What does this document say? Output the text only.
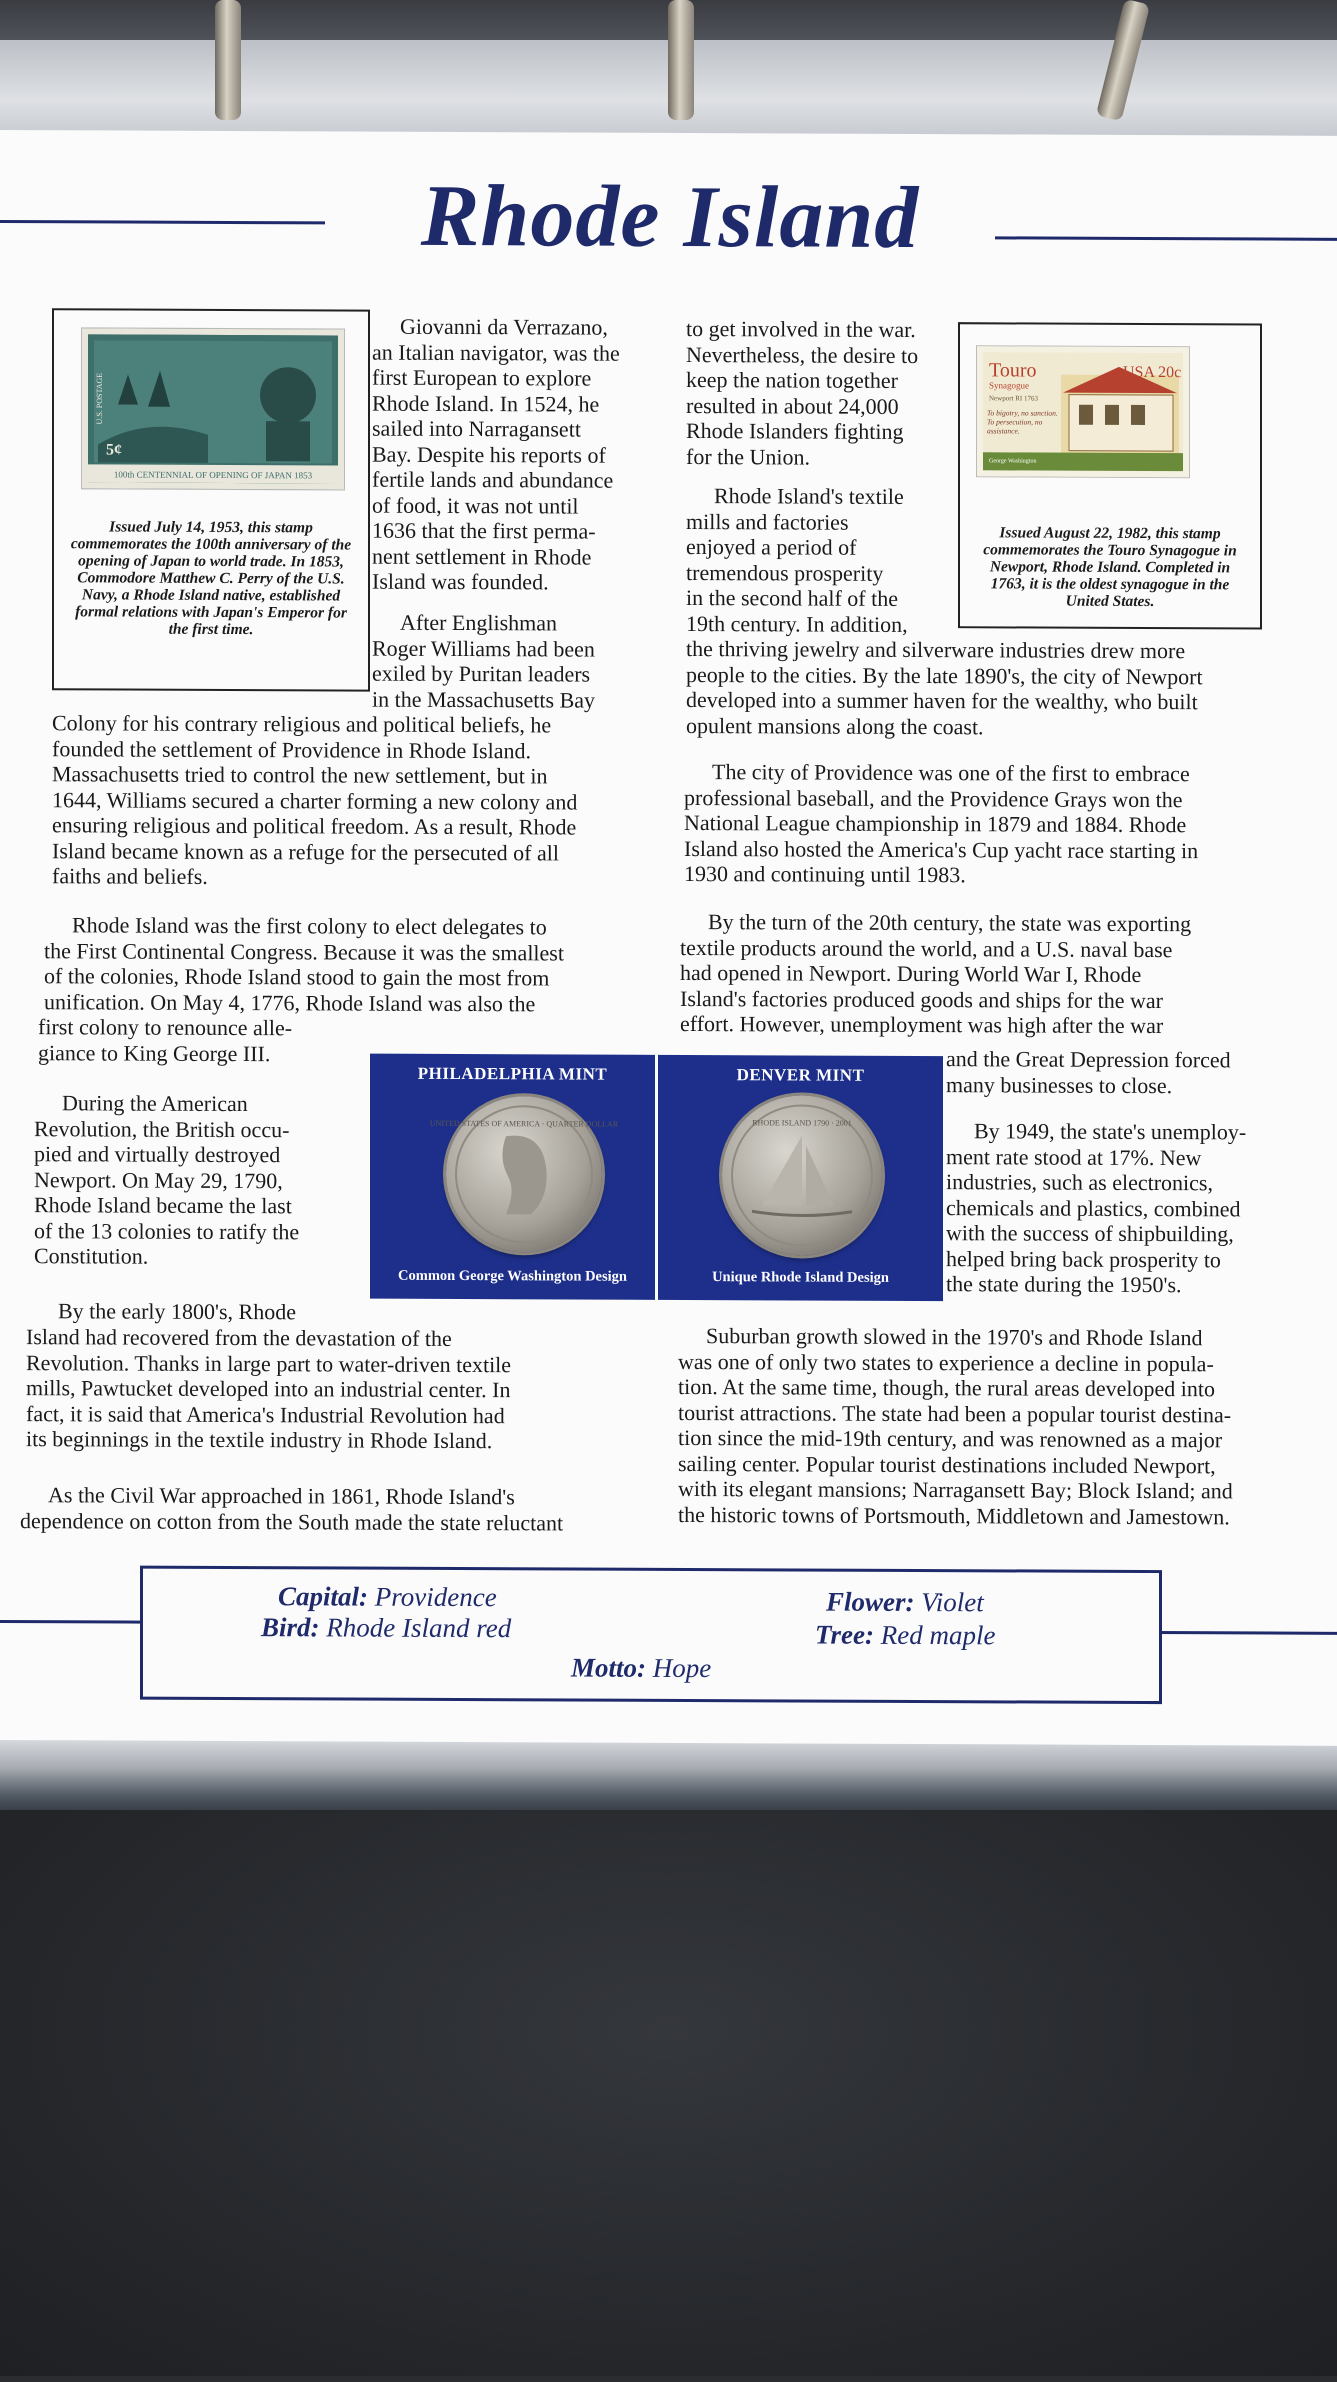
Rhode Island
100th CENTENNIAL OF OPENING OF JAPAN 1853
5¢
U.S. POSTAGE
Issued July 14, 1953, this stamp commemorates the 100th anniversary of the opening of Japan to world trade. In 1853, Commodore Matthew C. Perry of the U.S. Navy, a Rhode Island native, established formal relations with Japan's Emperor for the first time.
Touro
Synagogue
Newport RI 1763
USA 20c
To bigotry, no sanction. To persecution, no assistance.
George Washington
Issued August 22, 1982, this stamp commemorates the Touro Synagogue in Newport, Rhode Island. Completed in 1763, it is the oldest synagogue in the United States.
Giovanni da Verrazano,
an Italian navigator, was the
first European to explore
Rhode Island. In 1524, he
sailed into Narragansett
Bay. Despite his reports of
fertile lands and abundance
of food, it was not until
1636 that the first perma-
nent settlement in Rhode
Island was founded.
After Englishman
Roger Williams had been
exiled by Puritan leaders
in the Massachusetts Bay
Colony for his contrary religious and political beliefs, he
founded the settlement of Providence in Rhode Island.
Massachusetts tried to control the new settlement, but in
1644, Williams secured a charter forming a new colony and
ensuring religious and political freedom. As a result, Rhode
Island became known as a refuge for the persecuted of all
faiths and beliefs.
Rhode Island was the first colony to elect delegates to
the First Continental Congress. Because it was the smallest
of the colonies, Rhode Island stood to gain the most from
unification. On May 4, 1776, Rhode Island was also the
first colony to renounce alle-
giance to King George III.
During the American
Revolution, the British occu-
pied and virtually destroyed
Newport. On May 29, 1790,
Rhode Island became the last
of the 13 colonies to ratify the
Constitution.
By the early 1800's, Rhode
Island had recovered from the devastation of the
Revolution. Thanks in large part to water-driven textile
mills, Pawtucket developed into an industrial center. In
fact, it is said that America's Industrial Revolution had
its beginnings in the textile industry in Rhode Island.
As the Civil War approached in 1861, Rhode Island's
dependence on cotton from the South made the state reluctant
to get involved in the war.
Nevertheless, the desire to
keep the nation together
resulted in about 24,000
Rhode Islanders fighting
for the Union.
Rhode Island's textile
mills and factories
enjoyed a period of
tremendous prosperity
in the second half of the
19th century. In addition,
the thriving jewelry and silverware industries drew more
people to the cities. By the late 1890's, the city of Newport
developed into a summer haven for the wealthy, who built
opulent mansions along the coast.
The city of Providence was one of the first to embrace
professional baseball, and the Providence Grays won the
National League championship in 1879 and 1884. Rhode
Island also hosted the America's Cup yacht race starting in
1930 and continuing until 1983.
By the turn of the 20th century, the state was exporting
textile products around the world, and a U.S. naval base
had opened in Newport. During World War I, Rhode
Island's factories produced goods and ships for the war
effort. However, unemployment was high after the war
and the Great Depression forced
many businesses to close.
By 1949, the state's unemploy-
ment rate stood at 17%. New
industries, such as electronics,
chemicals and plastics, combined
with the success of shipbuilding,
helped bring back prosperity to
the state during the 1950's.
Suburban growth slowed in the 1970's and Rhode Island
was one of only two states to experience a decline in popula-
tion. At the same time, though, the rural areas developed into
tourist attractions. The state had been a popular tourist destina-
tion since the mid-19th century, and was renowned as a major
sailing center. Popular tourist destinations included Newport,
with its elegant mansions; Narragansett Bay; Block Island; and
the historic towns of Portsmouth, Middletown and Jamestown.
PHILADELPHIA MINT
UNITED STATES OF AMERICA · QUARTER DOLLAR
Common George Washington Design
DENVER MINT
RHODE ISLAND 1790 · 2001
Unique Rhode Island Design
Capital: Providence
Bird: Rhode Island red
Flower: Violet
Tree: Red maple
Motto: Hope
